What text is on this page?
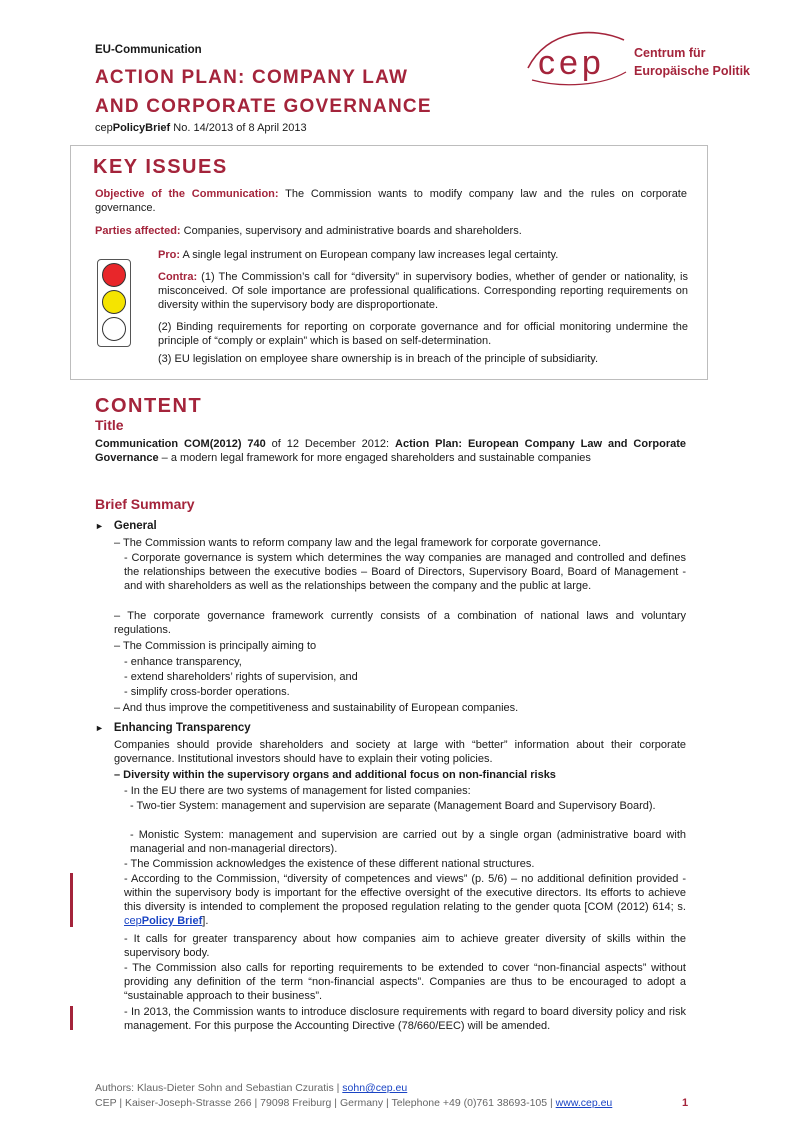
EU-Communication
ACTION PLAN: COMPANY LAW
AND CORPORATE GOVERNANCE
cepPolicyBrief No. 14/2013 of 8 April 2013
cep Centrum für
Europäische Politik
KEY ISSUES
Objective of the Communication: The Commission wants to modify company law and the rules on corporate governance.
Parties affected: Companies, supervisory and administrative boards and shareholders.
Pro: A single legal instrument on European company law increases legal certainty.
Contra: (1) The Commission’s call for “diversity” in supervisory bodies, whether of gender or nationality, is misconceived. Of sole importance are professional qualifications. Corresponding reporting requirements on diversity within the supervisory body are disproportionate.
(2) Binding requirements for reporting on corporate governance and for official monitoring undermine the principle of “comply or explain” which is based on self-determination.
(3) EU legislation on employee share ownership is in breach of the principle of subsidiarity.
CONTENT
Title
Communication COM(2012) 740 of 12 December 2012: Action Plan: European Company Law and Corporate Governance – a modern legal framework for more engaged shareholders and sustainable companies
Brief Summary
► General
– The Commission wants to reform company law and the legal framework for corporate governance.
- Corporate governance is system which determines the way companies are managed and controlled and defines the relationships between the executive bodies – Board of Directors, Supervisory Board, Board of Management - and with shareholders as well as the relationships between the company and the public at large.
– The corporate governance framework currently consists of a combination of national laws and voluntary regulations.
– The Commission is principally aiming to
- enhance transparency,
- extend shareholders’ rights of supervision, and
- simplify cross-border operations.
– And thus improve the competitiveness and sustainability of European companies.
► Enhancing Transparency
Companies should provide shareholders and society at large with “better” information about their corporate governance. Institutional investors should have to explain their voting policies.
– Diversity within the supervisory organs and additional focus on non-financial risks
- In the EU there are two systems of management for listed companies:
- Two-tier System: management and supervision are separate (Management Board and Supervisory Board).
- Monistic System: management and supervision are carried out by a single organ (administrative board with managerial and non-managerial directors).
- The Commission acknowledges the existence of these different national structures.
- According to the Commission, “diversity of competences and views” (p. 5/6) – no additional definition provided - within the supervisory body is important for the effective oversight of the executive directors. Its efforts to achieve this diversity is intended to complement the proposed regulation relating to the gender quota [COM (2012) 614; s. cepPolicy Brief].
- It calls for greater transparency about how companies aim to achieve greater diversity of skills within the supervisory body.
- The Commission also calls for reporting requirements to be extended to cover “non-financial aspects” without providing any definition of the term “non-financial aspects”. Companies are thus to be encouraged to adopt a “sustainable approach to their business”.
- In 2013, the Commission wants to introduce disclosure requirements with regard to board diversity policy and risk management. For this purpose the Accounting Directive (78/660/EEC) will be amended.
Authors: Klaus-Dieter Sohn and Sebastian Czuratis | sohn@cep.eu
CEP | Kaiser-Joseph-Strasse 266 | 79098 Freiburg | Germany | Telephone +49 (0)761 38693-105 | www.cep.eu	1
